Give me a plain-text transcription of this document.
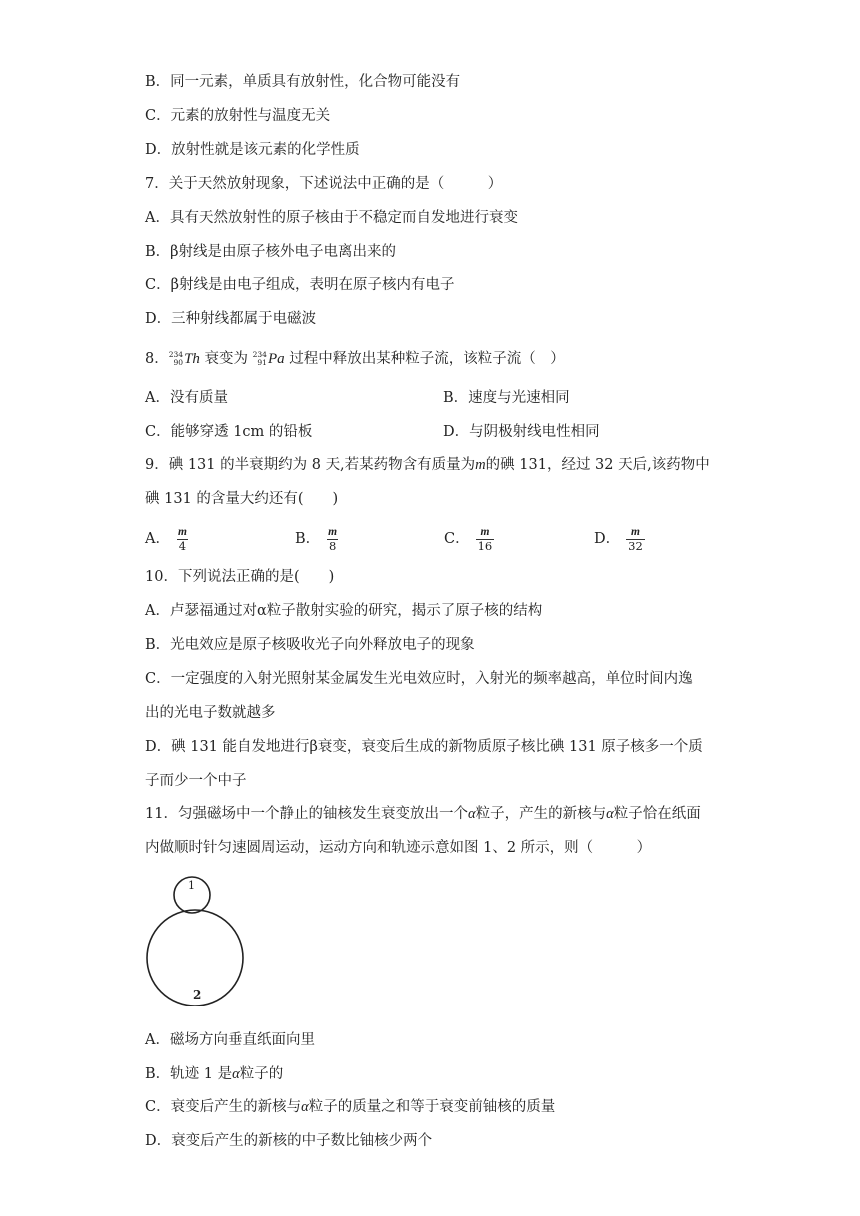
B．同一元素，单质具有放射性，化合物可能没有
C．元素的放射性与温度无关
D．放射性就是该元素的化学性质
7．关于天然放射现象，下述说法中正确的是（　　　）
A．具有天然放射性的原子核由于不稳定而自发地进行衰变
B．β射线是由原子核外电子电离出来的
C．β射线是由电子组成，表明在原子核内有电子
D．三种射线都属于电磁波
8． 234
90 Th 衰变为 234
91 Pa 过程中释放出某种粒子流，该粒子流（　）
A．没有质量	B．速度与光速相同
C．能够穿透 1cm 的铅板	D．与阴极射线电性相同
9．碘 131 的半衰期约为 8 天,若某药物含有质量为m的碘 131，经过 32 天后,该药物中
碘 131 的含量大约还有(　　)
A． $\frac{m}{4}$	B． $\frac{m}{8}$	C． $\frac{m}{16}$	D． $\frac{m}{32}$
10．下列说法正确的是(　　)
A．卢瑟福通过对α粒子散射实验的研究，揭示了原子核的结构
B．光电效应是原子核吸收光子向外释放电子的现象
C．一定强度的入射光照射某金属发生光电效应时，入射光的频率越高，单位时间内逸
出的光电子数就越多
D．碘 131 能自发地进行β衰变，衰变后生成的新物质原子核比碘 131 原子核多一个质
子而少一个中子
11．匀强磁场中一个静止的铀核发生衰变放出一个α粒子，产生的新核与α粒子恰在纸面
内做顺时针匀速圆周运动，运动方向和轨迹示意如图 1、2 所示，则（　　　）
1
2
A．磁场方向垂直纸面向里
B．轨迹 1 是α粒子的
C．衰变后产生的新核与α粒子的质量之和等于衰变前铀核的质量
D．衰变后产生的新核的中子数比铀核少两个
